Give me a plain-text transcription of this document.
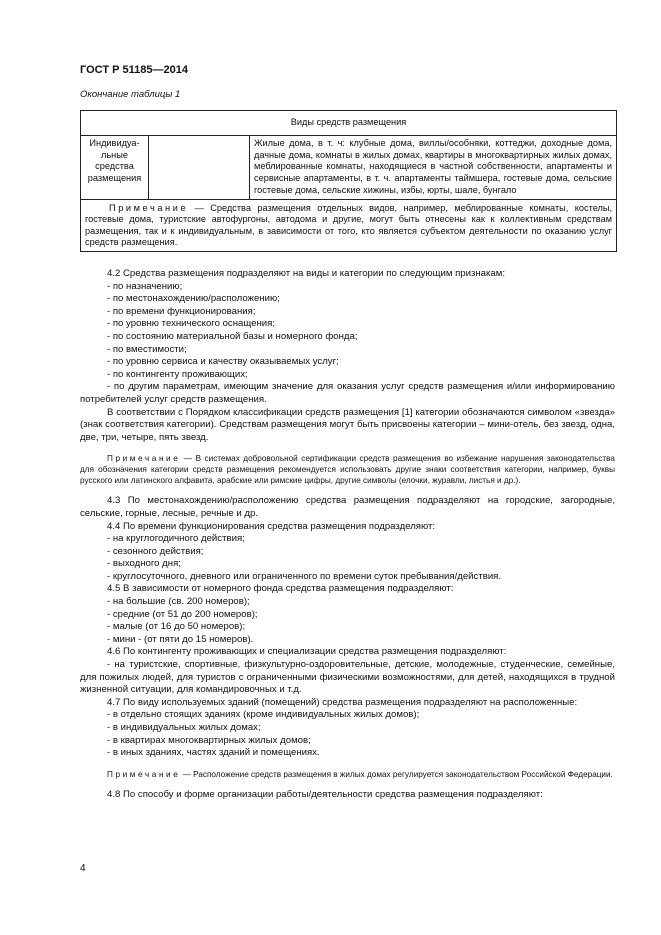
ГОСТ Р 51185—2014
Окончание таблицы 1
Виды средств размещения
Индивидуа-
льные
средства
размещения		Жилые дома, в т. ч: клубные дома, виллы/особняки, коттеджи, доходные дома, дачные дома, комнаты в жилых домах, квартиры в многоквартирных жилых домах, меблированные комнаты, находящиеся в частной собственности, апартаменты и сервисные апартаменты, в т. ч. апартаменты таймшера, гостевые дома, сельские гостевые дома, сельские хижины, избы, юрты, шале, бунгало
Примечание — Средства размещения отдельных видов, например, меблированные комнаты, костелы, гостевые дома, туристские автофургоны, автодома и другие, могут быть отнесены как к коллективным средствам размещения, так и к индивидуальным, в зависимости от того, кто является субъектом деятельности по оказанию услуг средств размещения.

4.2 Средства размещения подразделяют на виды и категории по следующим признакам:

- по назначению;

- по местонахождению/расположению;

- по времени функционирования;

- по уровню технического оснащения;

- по состоянию материальной базы и номерного фонда;

- по вместимости;

- по уровню сервиса и качеству оказываемых услуг;

- по контингенту проживающих;

- по другим параметрам, имеющим значение для оказания услуг средств размещения и/или информированию потребителей услуг средств размещения.

В соответствии с Порядком классификации средств размещения [1] категории обозначаются символом «звезда» (знак соответствия категории). Средствам размещения могут быть присвоены категории – мини-отель, без звезд, одна, две, три, четыре, пять звезд.

Примечание — В системах добровольной сертификации средств размещения во избежание нарушения законодательства для обозначения категории средств размещения рекомендуется использовать другие знаки соответствия категории, например, буквы русского или латинского алфавита, арабские или римские цифры, другие символы (елочки, журавли, листья и др.).

4.3 По местонахождению/расположению средства размещения подразделяют на городские, загородные, сельские, горные, лесные, речные и др.

4.4 По времени функционирования средства размещения подразделяют:

- на круглогодичного действия;

- сезонного действия;

- выходного дня;

- круглосуточного, дневного или ограниченного по времени суток пребывания/действия.

4.5 В зависимости от номерного фонда средства размещения подразделяют:

- на большие (св. 200 номеров);

- средние (от 51 до 200 номеров);

- малые (от 16 до 50 номеров);

- мини - (от пяти до 15 номеров).

4.6 По контингенту проживающих и специализации средства размещения подразделяют:

- на туристские, спортивные, физкультурно-оздоровительные, детские, молодежные, студенческие, семейные, для пожилых людей, для туристов с ограниченными физическими возможностями, для детей, находящихся в трудной жизненной ситуации, для командировочных и т.д.

4.7 По виду используемых зданий (помещений) средства размещения подразделяют на расположенные:

- в отдельно стоящих зданиях (кроме индивидуальных жилых домов);

- в индивидуальных жилых домах;

- в квартирах многоквартирных жилых домов;

- в иных зданиях, частях зданий и помещениях.

Примечание — Расположение средств размещения в жилых домах регулируется законодательством Российской Федерации.

4.8 По способу и форме организации работы/деятельности средства размещения подразделяют:

4
